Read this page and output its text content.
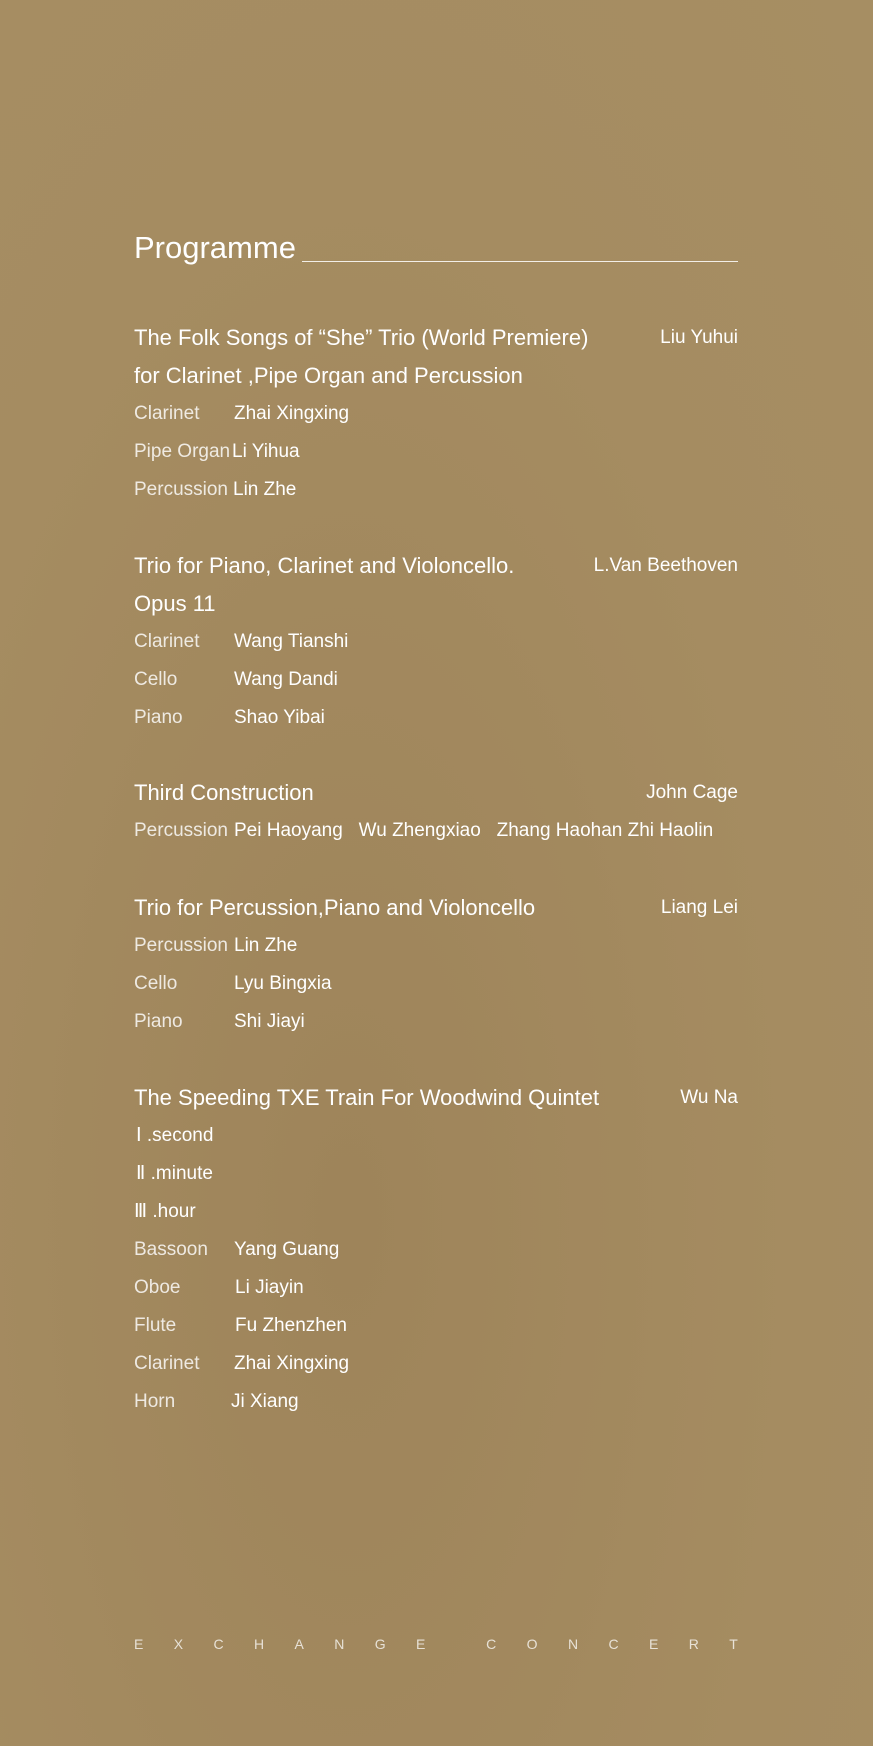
Programme
The Folk Songs of “She” Trio (World Premiere)
for Clarinet ,Pipe Organ and Percussion
Liu Yuhui
Clarinet Zhai Xingxing
Pipe Organ Li Yihua
Percussion Lin Zhe
Trio for Piano, Clarinet and Violoncello.
Opus 11
L.Van Beethoven
Clarinet Wang Tianshi
Cello	Wang Dandi
Piano	Shao Yibai
Third Construction	John Cage
Percussion Pei Haoyang   Wu Zhengxiao   Zhang Haohan Zhi Haolin
Trio for Percussion,Piano and Violoncello	Liang Lei
Percussion Lin Zhe
Cello	Lyu Bingxia
Piano	Shi Jiayi
The Speeding TXE Train For Woodwind Quintet	Wu Na
Ⅰ .second
Ⅱ .minute
Ⅲ .hour
Bassoon Yang Guang
Oboe	Li Jiayin
Flute	Fu Zhenzhen
Clarinet Zhai Xingxing
Horn	Ji Xiang
E X C H A N G E	C O N C E R T
